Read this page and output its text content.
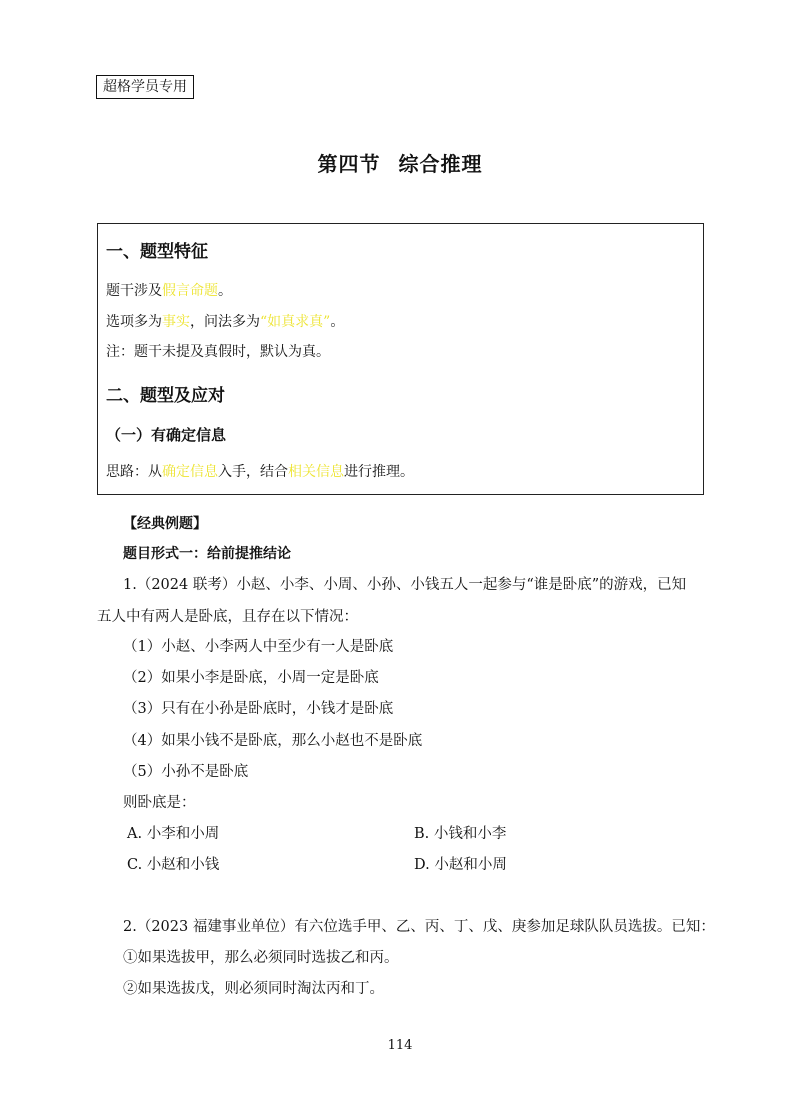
超格学员专用
第四节 综合推理
一、题型特征
题干涉及假言命题。
选项多为事实，问法多为“如真求真”。
注：题干未提及真假时，默认为真。
二、题型及应对
（一）有确定信息
思路：从确定信息入手，结合相关信息进行推理。
【经典例题】
题目形式一：给前提推结论
1.（2024 联考）小赵、小李、小周、小孙、小钱五人一起参与“谁是卧底”的游戏，已知
五人中有两人是卧底，且存在以下情况：
（1）小赵、小李两人中至少有一人是卧底
（2）如果小李是卧底，小周一定是卧底
（3）只有在小孙是卧底时，小钱才是卧底
（4）如果小钱不是卧底，那么小赵也不是卧底
（5）小孙不是卧底
则卧底是：
A. 小李和小周	B. 小钱和小李
C. 小赵和小钱	D. 小赵和小周
2.（2023 福建事业单位）有六位选手甲、乙、丙、丁、戊、庚参加足球队队员选拔。已知：
①如果选拔甲，那么必须同时选拔乙和丙。
②如果选拔戊，则必须同时淘汰丙和丁。
114
